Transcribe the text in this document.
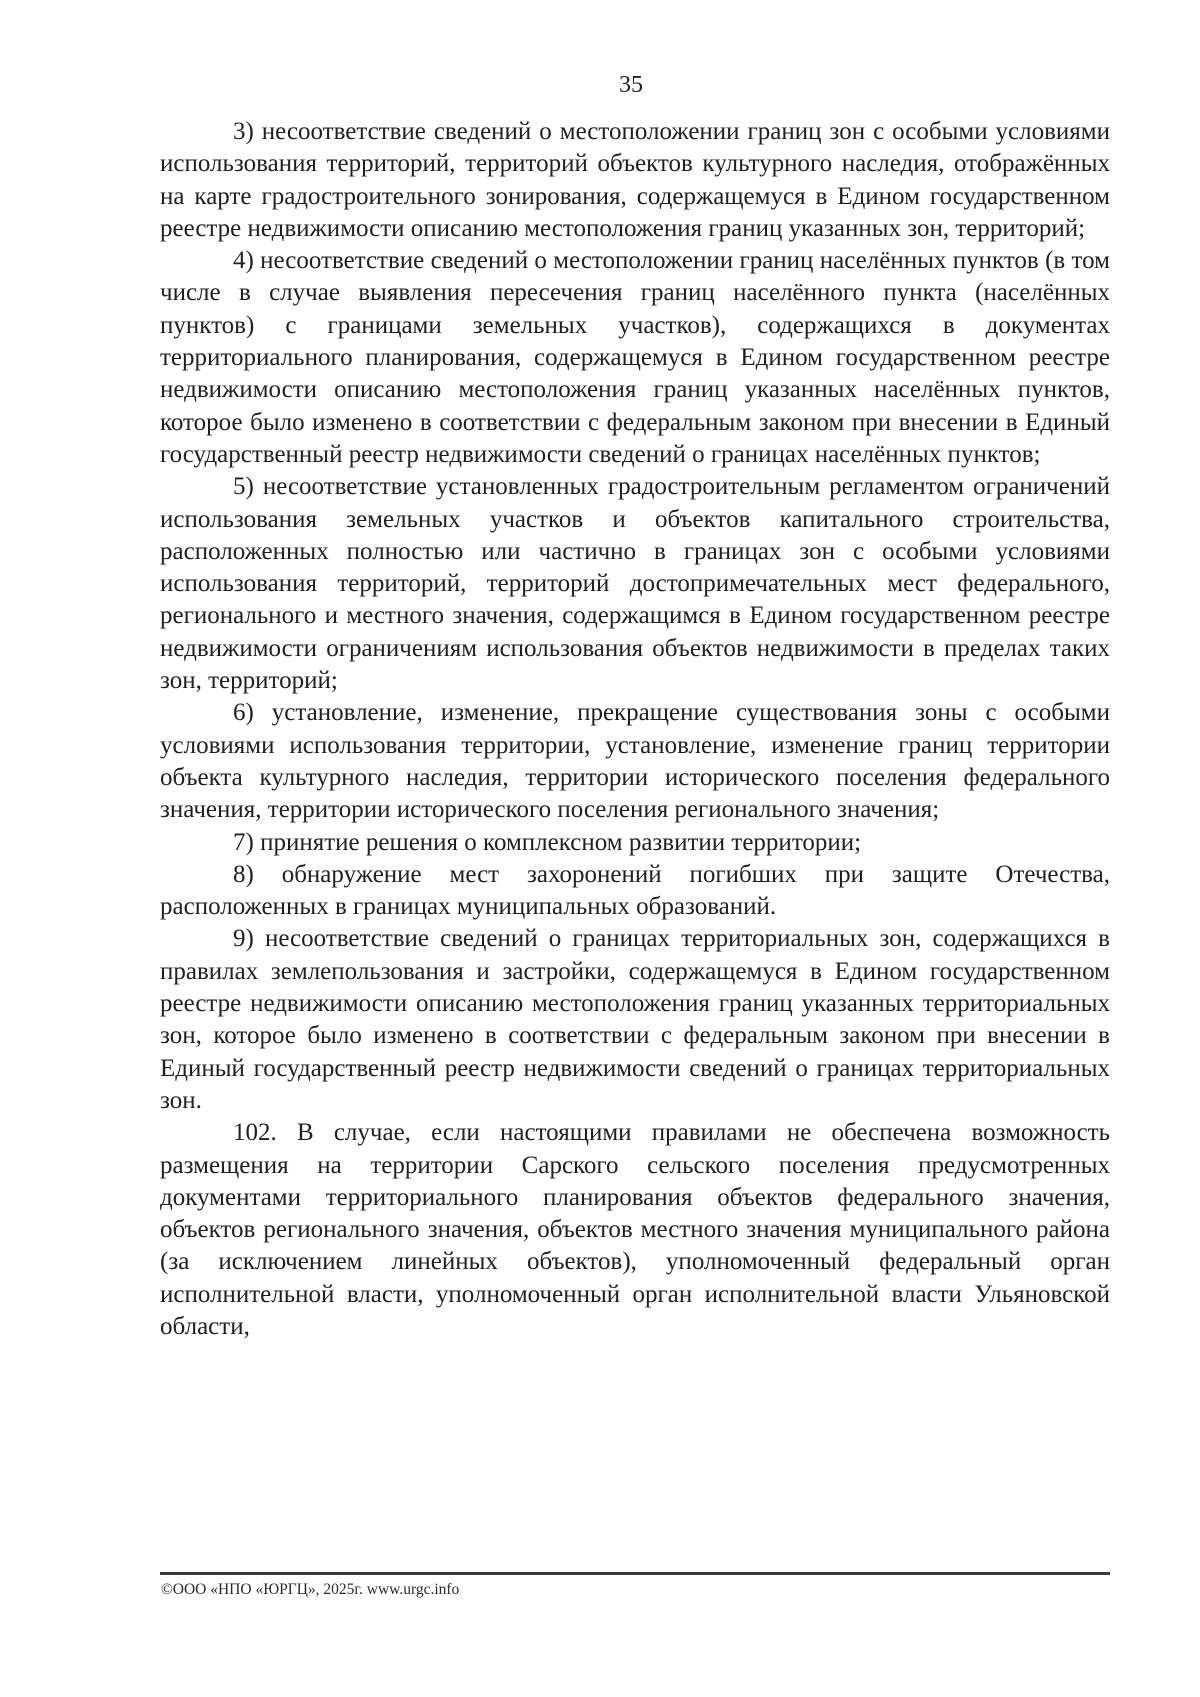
35

3) несоответствие сведений о местоположении границ зон с особыми условиями использования территорий, территорий объектов культурного наследия, отображённых на карте градостроительного зонирования, содержащемуся в Едином государственном реестре недвижимости описанию местоположения границ указанных зон, территорий;

4) несоответствие сведений о местоположении границ населённых пунктов (в том числе в случае выявления пересечения границ населённого пункта (населённых пунктов) с границами земельных участков), содержащихся в документах территориального планирования, содержащемуся в Едином государственном реестре недвижимости описанию местоположения границ указанных населённых пунктов, которое было изменено в соответствии с федеральным законом при внесении в Единый государственный реестр недвижимости сведений о границах населённых пунктов;

5) несоответствие установленных градостроительным регламентом ограничений использования земельных участков и объектов капитального строительства, расположенных полностью или частично в границах зон с особыми условиями использования территорий, территорий достопримечательных мест федерального, регионального и местного значения, содержащимся в Едином государственном реестре недвижимости ограничениям использования объектов недвижимости в пределах таких зон, территорий;

6) установление, изменение, прекращение существования зоны с особыми условиями использования территории, установление, изменение границ территории объекта культурного наследия, территории исторического поселения федерального значения, территории исторического поселения регионального значения;

7) принятие решения о комплексном развитии территории;

8) обнаружение мест захоронений погибших при защите Отечества, расположенных в границах муниципальных образований.

9) несоответствие сведений о границах территориальных зон, содержащихся в правилах землепользования и застройки, содержащемуся в Едином государственном реестре недвижимости описанию местоположения границ указанных территориальных зон, которое было изменено в соответствии с федеральным законом при внесении в Единый государственный реестр недвижимости сведений о границах территориальных зон.

102. В случае, если настоящими правилами не обеспечена возможность размещения на территории Сарского сельского поселения предусмотренных документами территориального планирования объектов федерального значения, объектов регионального значения, объектов местного значения муниципального района (за исключением линейных объектов), уполномоченный федеральный орган исполнительной власти, уполномоченный орган исполнительной власти Ульяновской области,

©ООО «НПО «ЮРГЦ», 2025г. www.urgc.info
